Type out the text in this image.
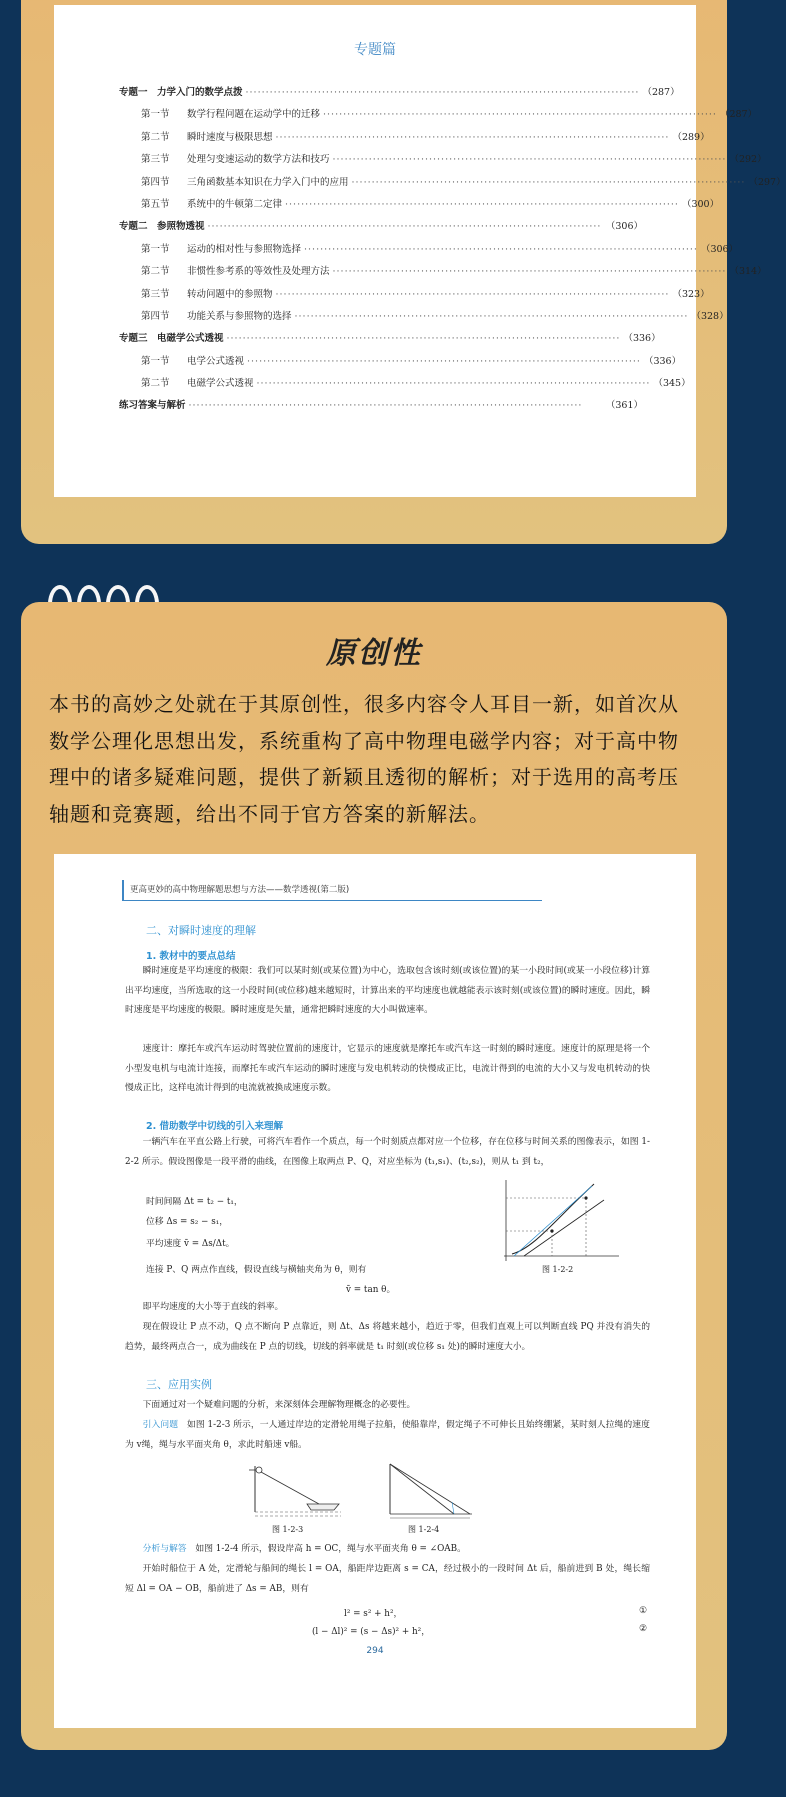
专题篇
专题一　力学入门的数学点拨 ·································································································· （287）
第一节 数学行程问题在运动学中的迁移 ·································································································· （287）
第二节 瞬时速度与极限思想 ·································································································· （289）
第三节 处理匀变速运动的数学方法和技巧 ·································································································· （292）
第四节 三角函数基本知识在力学入门中的应用 ·································································································· （297）
第五节 系统中的牛顿第二定律 ·································································································· （300）
专题二　参照物透视 ·································································································· （306）
第一节 运动的相对性与参照物选择 ·································································································· （306）
第二节 非惯性参考系的等效性及处理方法 ·································································································· （314）
第三节 转动问题中的参照物 ·································································································· （323）
第四节 功能关系与参照物的选择 ·································································································· （328）
专题三　电磁学公式透视 ·································································································· （336）
第一节 电学公式透视 ·································································································· （336）
第二节 电磁学公式透视 ·································································································· （345）
练习答案与解析 ··································································································	（361）
原创性
本书的高妙之处就在于其原创性，很多内容令人耳目一新，如首次从数学公理化思想出发，系统重构了高中物理电磁学内容；对于高中物理中的诸多疑难问题，提供了新颖且透彻的解析；对于选用的高考压轴题和竞赛题，给出不同于官方答案的新解法。
更高更妙的高中物理解题思想与方法——数学透视(第二版)
二、对瞬时速度的理解
1. 教材中的要点总结
瞬时速度是平均速度的极限：我们可以某时刻(或某位置)为中心，选取包含该时刻(或该位置)的某一小段时间(或某一小段位移)计算出平均速度，当所选取的这一小段时间(或位移)越来越短时，计算出来的平均速度也就越能表示该时刻(或该位置)的瞬时速度。因此，瞬时速度是平均速度的极限。瞬时速度是矢量，通常把瞬时速度的大小叫做速率。
速度计：摩托车或汽车运动时驾驶位置前的速度计，它显示的速度就是摩托车或汽车这一时刻的瞬时速度。速度计的原理是将一个小型发电机与电流计连接，而摩托车或汽车运动的瞬时速度与发电机转动的快慢成正比，电流计得到的电流的大小又与发电机转动的快慢成正比，这样电流计得到的电流就被换成速度示数。
2. 借助数学中切线的引入来理解
一辆汽车在平直公路上行驶，可将汽车看作一个质点，每一个时刻质点都对应一个位移，存在位移与时间关系的图像表示，如图 1-2-2 所示。假设图像是一段平滑的曲线，在图像上取两点 P、Q，对应坐标为 (t₁,s₁)、(t₂,s₂)，则从 t₁ 到 t₂，
时间间隔 Δt = t₂ − t₁，
位移 Δs = s₂ − s₁，
平均速度 v̄ = Δs/Δt。
连接 P、Q 两点作直线，假设直线与横轴夹角为 θ，则有
v̄ = tan θ。
图 1-2-2
即平均速度的大小等于直线的斜率。
现在假设让 P 点不动，Q 点不断向 P 点靠近，则 Δt、Δs 将越来越小，趋近于零，但我们直观上可以判断直线 PQ 并没有消失的趋势，最终两点合一，成为曲线在 P 点的切线，切线的斜率就是 t₁ 时刻(或位移 s₁ 处)的瞬时速度大小。
三、应用实例
下面通过对一个疑难问题的分析，来深刻体会理解物理概念的必要性。
引入问题　 如图 1-2-3 所示，一人通过岸边的定滑轮用绳子拉船，使船靠岸，假定绳子不可伸长且始终绷紧，某时刻人拉绳的速度为 v绳，绳与水平面夹角 θ，求此时船速 v船。
图 1-2-3	图 1-2-4
分析与解答　 如图 1-2-4 所示，假设岸高 h = OC，绳与水平面夹角 θ = ∠OAB。
开始时船位于 A 处，定滑轮与船间的绳长 l = OA，船距岸边距离 s = CA，经过极小的一段时间 Δt 后，船前进到 B 处，绳长缩短 Δl = OA − OB，船前进了 Δs = AB，则有
l² = s² + h²，	①
(l − Δl)² = (s − Δs)² + h²，	②
294
